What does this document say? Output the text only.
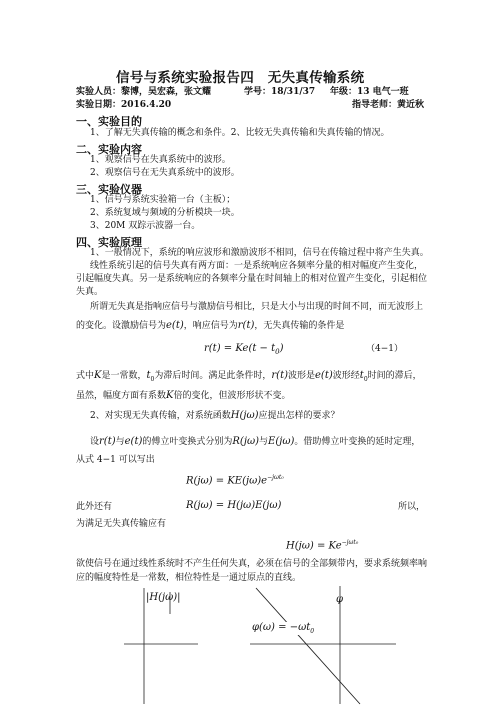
信号与系统实验报告四　无失真传输系统
实验人员：黎博，吴宏森，张文耀	学号：18/31/37 年级：13 电气一班
实验日期：2016.4.20	指导老师：黄近秋
一、实验目的
1、了解无失真传输的概念和条件。2、比较无失真传输和失真传输的情况。
二、实验内容
1、观察信号在失真系统中的波形。
2、观察信号在无失真系统中的波形。
三、实验仪器
1、信号与系统实验箱一台（主板）；
2、系统复域与频域的分析模块一块。
3、20M 双踪示波器一台。
四、实验原理
1、一般情况下，系统的响应波形和激励波形不相同，信号在传输过程中将产生失真。
线性系统引起的信号失真有两方面：一是系统响应各频率分量的相对幅度产生变化，
引起幅度失真。另一是系统响应的各频率分量在时间轴上的相对位置产生变化，引起相位
失真。
所谓无失真是指响应信号与激励信号相比，只是大小与出现的时间不同，而无波形上
的变化。设激励信号为e(t)，响应信号为r(t)，无失真传输的条件是
$r(t) = Ke(t - t_0)$	（4−1）
式中K是一常数，$t_0$为滞后时间。满足此条件时，r(t)波形是e(t)波形经$t_0$时间的滞后，
虽然，幅度方面有系数K倍的变化，但波形形状不变。
2、对实现无失真传输，对系统函数H(jω)应提出怎样的要求？
设r(t)与e(t)的傅立叶变换式分别为R(jω)与E(jω)。借助傅立叶变换的延时定理，
从式 4−1 可以写出
$R(j\omega) = KE(j\omega)e^{-j\omega t_0}$
此外还有	R(jω) = H(jω)E(jω)	所以，
为满足无失真传输应有
$H(j\omega) = Ke^{-j\omega t_0}$
欲使信号在通过线性系统时不产生任何失真，必须在信号的全部频带内，要求系统频率响
应的幅度特性是一常数，相位特性是一通过原点的直线。
|H(jω)|	φ
$\varphi(\omega) = -\omega t_0$
